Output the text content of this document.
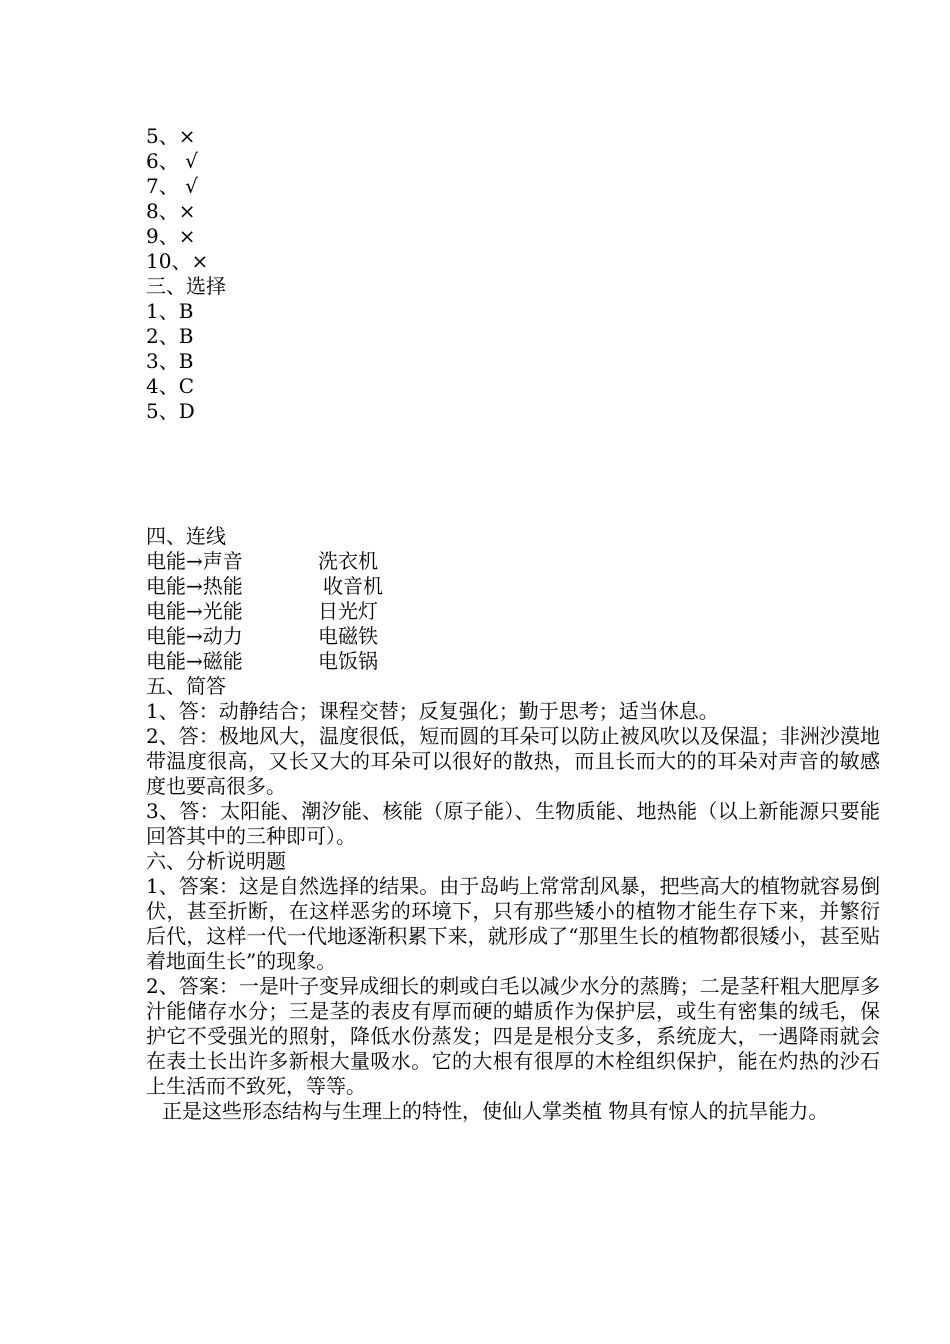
5、×
6、 √
7、 √
8、×
9、×
10、×
三、选择
1、B
2、B
3、B
4、C
5、D
四、连线
电能→声音	洗衣机
电能→热能	收音机
电能→光能	日光灯
电能→动力	电磁铁
电能→磁能	电饭锅
五、简答
1、答：动静结合；课程交替；反复强化；勤于思考；适当休息。
2、答：极地风大，温度很低，短而圆的耳朵可以防止被风吹以及保温；非洲沙漠地带温度很高，又长又大的耳朵可以很好的散热，而且长而大的的耳朵对声音的敏感度也要高很多。
3、答：太阳能、潮汐能、核能（原子能）、生物质能、地热能（以上新能源只要能回答其中的三种即可）。
六、分析说明题
1、答案：这是自然选择的结果。由于岛屿上常常刮风暴，把些高大的植物就容易倒伏，甚至折断，在这样恶劣的环境下，只有那些矮小的植物才能生存下来，并繁衍后代，这样一代一代地逐渐积累下来，就形成了“那里生长的植物都很矮小，甚至贴着地面生长”的现象。
2、答案：一是叶子变异成细长的刺或白毛以减少水分的蒸腾；二是茎秆粗大肥厚多汁能储存水分；三是茎的表皮有厚而硬的蜡质作为保护层，或生有密集的绒毛，保护它不受强光的照射，降低水份蒸发；四是是根分支多，系统庞大，一遇降雨就会在表土长出许多新根大量吸水。它的大根有很厚的木栓组织保护，能在灼热的沙石上生活而不致死，等等。
正是这些形态结构与生理上的特性，使仙人掌类植 物具有惊人的抗旱能力。
